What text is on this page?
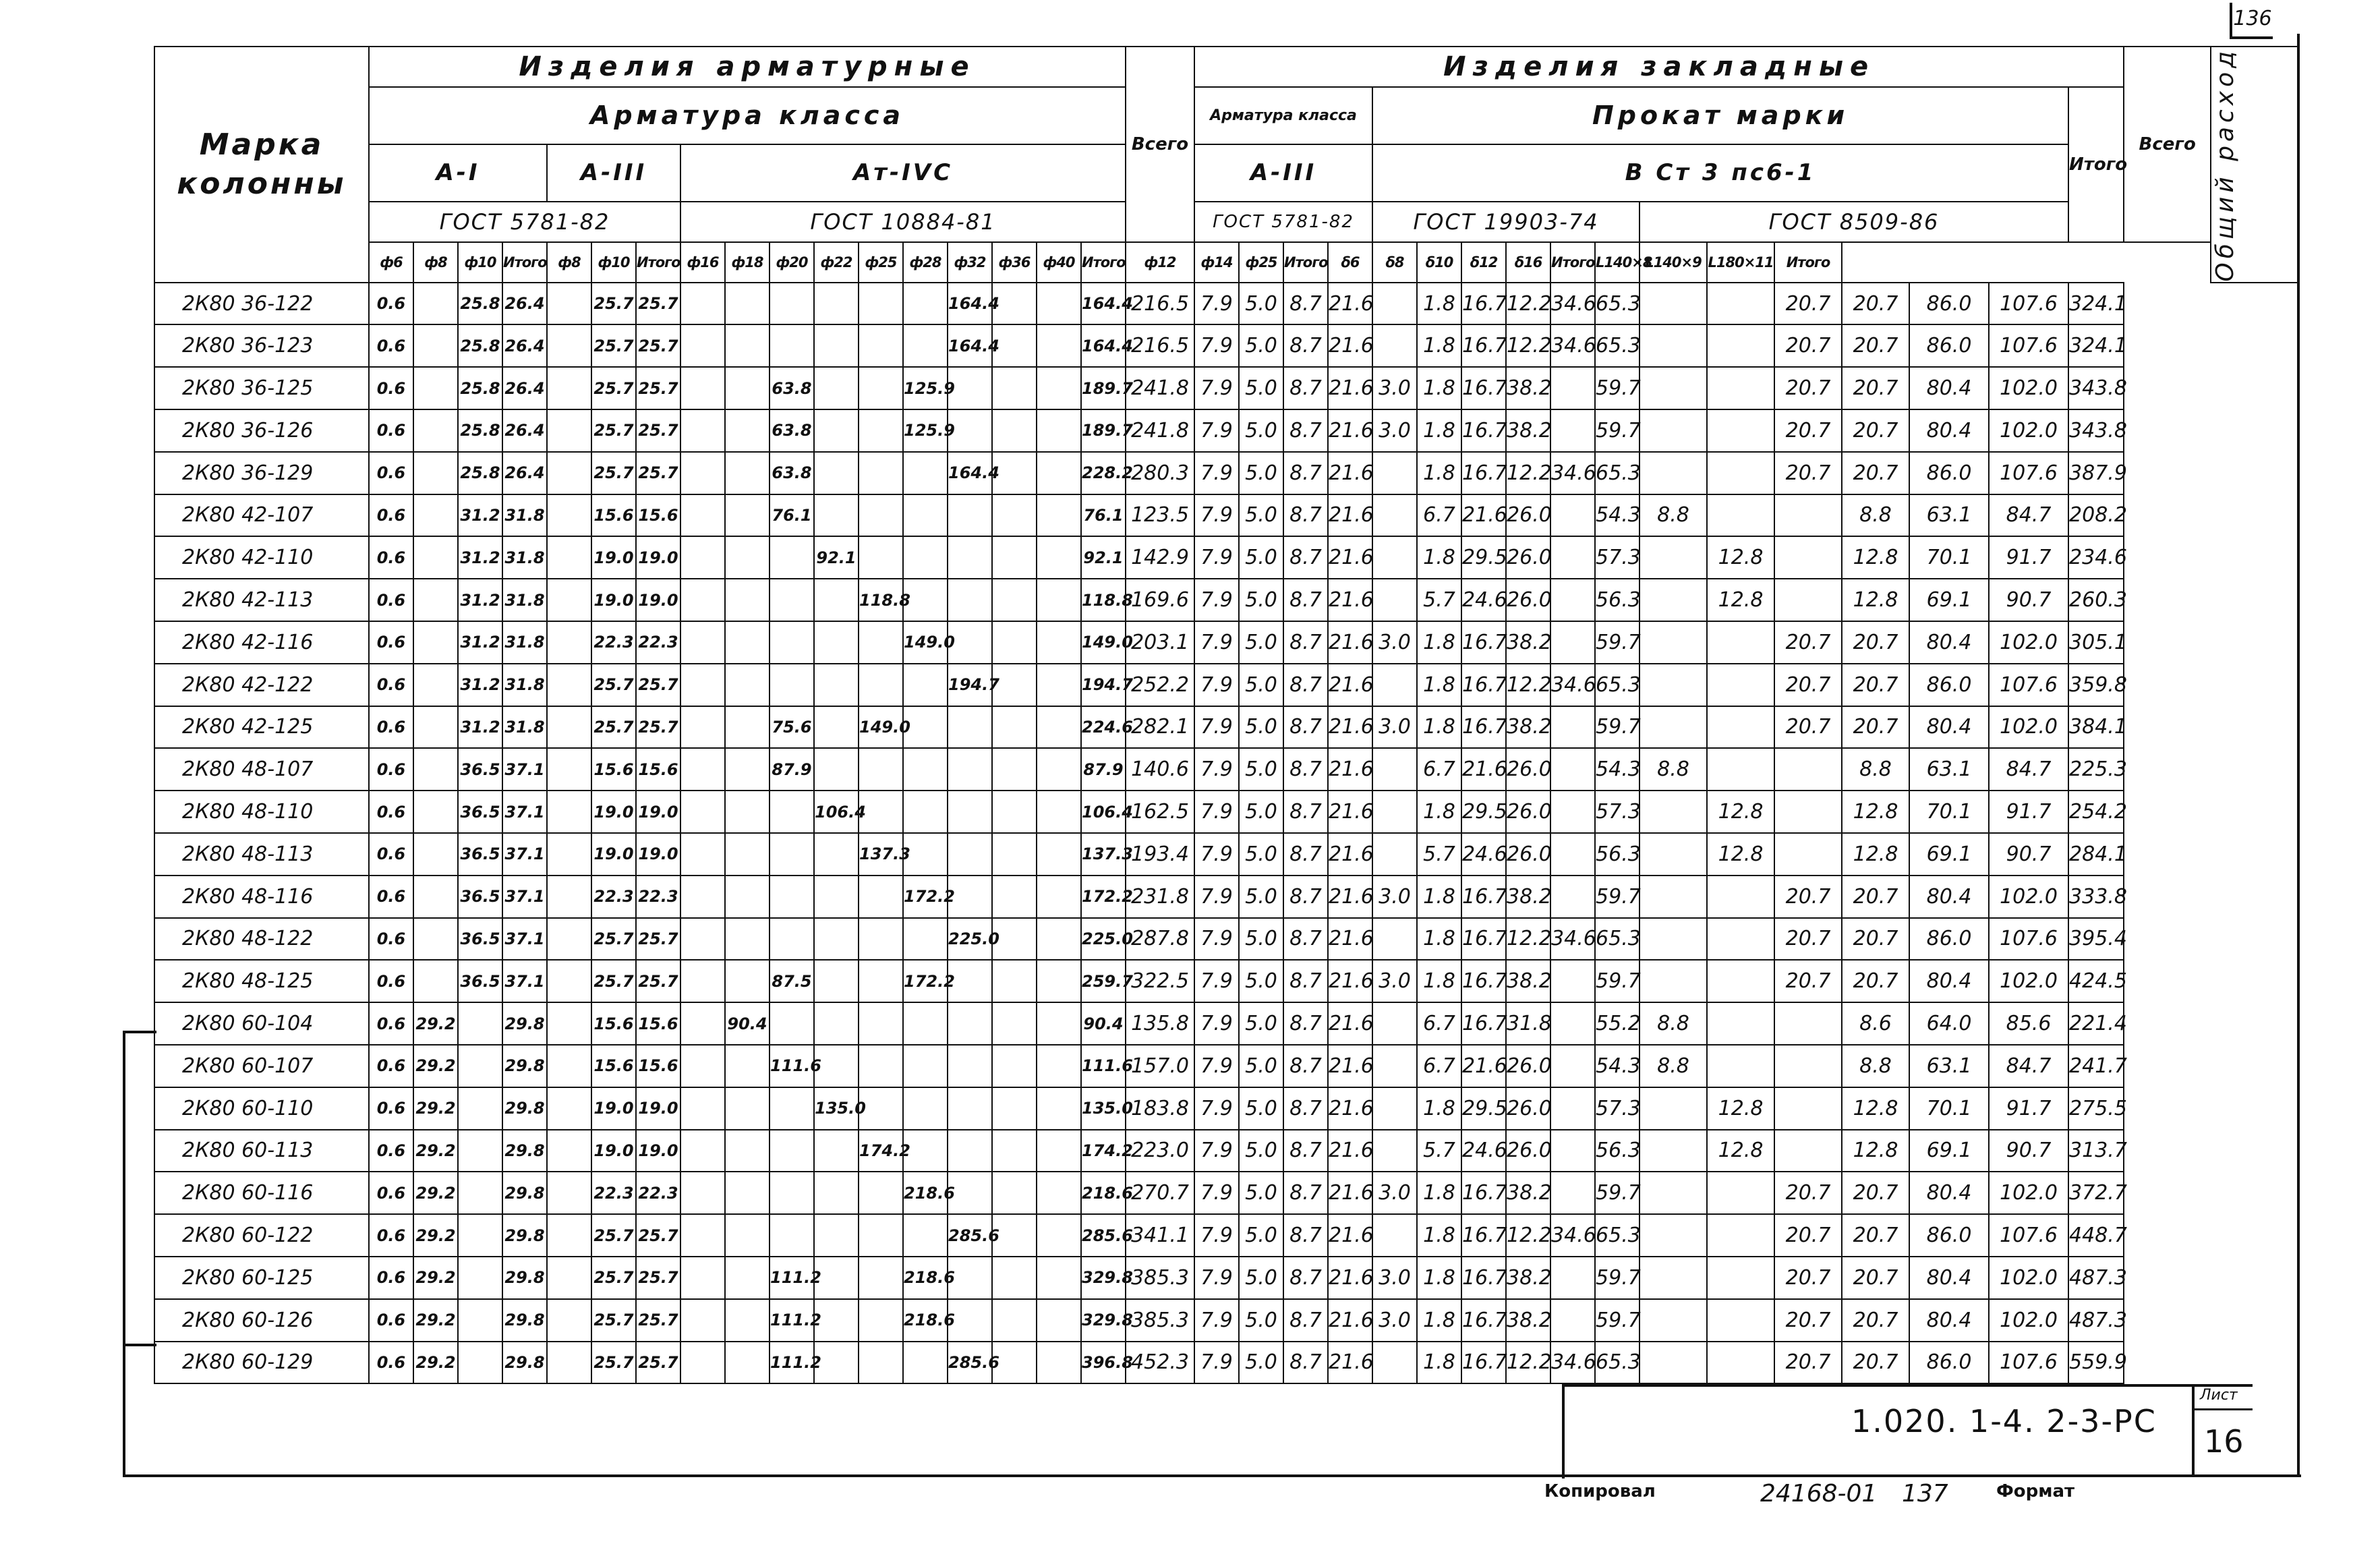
136
Марка колонны	Изделия арматурные																	Всего	Изделия закладные																	Всего	Общий расход

	Арматура класса																		Арматура класса				Прокат марки												Итого		
	А-I				А-III			Ат-IVС											А-III				В Ст 3 пс6-1														
	ГОСТ 5781-82							ГОСТ 10884-81											ГОСТ 5781-82				ГОСТ 19903-74						ГОСТ 8509-86								
	ф6	ф8	ф10	Итого	ф8	ф10	Итого	ф16	ф18	ф20	ф22	ф25	ф28	ф32	ф36	ф40	Итого	ф12	ф14	ф25	Итого	δ6	δ8	δ10	δ12	δ16	Итого	L140×8	L140×9	L180×11	Итого						
2К80 36-122	0.6		25.8	26.4		25.7	25.7							164.4			164.4		216.5	7.9	5.0	8.7	21.6		1.8	16.7	12.2	34.6	65.3			20.7	20.7	86.0	107.6	324.1		
2К80 36-123	0.6		25.8	26.4		25.7	25.7							164.4			164.4		216.5	7.9	5.0	8.7	21.6		1.8	16.7	12.2	34.6	65.3			20.7	20.7	86.0	107.6	324.1		
2К80 36-125	0.6		25.8	26.4		25.7	25.7			63.8			125.9				189.7		241.8	7.9	5.0	8.7	21.6	3.0	1.8	16.7	38.2		59.7			20.7	20.7	80.4	102.0	343.8		
2К80 36-126	0.6		25.8	26.4		25.7	25.7			63.8			125.9				189.7		241.8	7.9	5.0	8.7	21.6	3.0	1.8	16.7	38.2		59.7			20.7	20.7	80.4	102.0	343.8		
2К80 36-129	0.6		25.8	26.4		25.7	25.7			63.8				164.4			228.2		280.3	7.9	5.0	8.7	21.6		1.8	16.7	12.2	34.6	65.3			20.7	20.7	86.0	107.6	387.9		
2К80 42-107	0.6		31.2	31.8		15.6	15.6			76.1							76.1		123.5	7.9	5.0	8.7	21.6		6.7	21.6	26.0		54.3	8.8			8.8	63.1	84.7	208.2		
2К80 42-110	0.6		31.2	31.8		19.0	19.0				92.1						92.1		142.9	7.9	5.0	8.7	21.6		1.8	29.5	26.0		57.3		12.8		12.8	70.1	91.7	234.6		
2К80 42-113	0.6		31.2	31.8		19.0	19.0					118.8					118.8		169.6	7.9	5.0	8.7	21.6		5.7	24.6	26.0		56.3		12.8		12.8	69.1	90.7	260.3		
2К80 42-116	0.6		31.2	31.8		22.3	22.3						149.0				149.0		203.1	7.9	5.0	8.7	21.6	3.0	1.8	16.7	38.2		59.7			20.7	20.7	80.4	102.0	305.1		
2К80 42-122	0.6		31.2	31.8		25.7	25.7							194.7			194.7		252.2	7.9	5.0	8.7	21.6		1.8	16.7	12.2	34.6	65.3			20.7	20.7	86.0	107.6	359.8		
2К80 42-125	0.6		31.2	31.8		25.7	25.7			75.6		149.0					224.6		282.1	7.9	5.0	8.7	21.6	3.0	1.8	16.7	38.2		59.7			20.7	20.7	80.4	102.0	384.1		
2К80 48-107	0.6		36.5	37.1		15.6	15.6			87.9							87.9		140.6	7.9	5.0	8.7	21.6		6.7	21.6	26.0		54.3	8.8			8.8	63.1	84.7	225.3		
2К80 48-110	0.6		36.5	37.1		19.0	19.0				106.4						106.4		162.5	7.9	5.0	8.7	21.6		1.8	29.5	26.0		57.3		12.8		12.8	70.1	91.7	254.2		
2К80 48-113	0.6		36.5	37.1		19.0	19.0					137.3					137.3		193.4	7.9	5.0	8.7	21.6		5.7	24.6	26.0		56.3		12.8		12.8	69.1	90.7	284.1		
2К80 48-116	0.6		36.5	37.1		22.3	22.3						172.2				172.2		231.8	7.9	5.0	8.7	21.6	3.0	1.8	16.7	38.2		59.7			20.7	20.7	80.4	102.0	333.8		
2К80 48-122	0.6		36.5	37.1		25.7	25.7							225.0			225.0		287.8	7.9	5.0	8.7	21.6		1.8	16.7	12.2	34.6	65.3			20.7	20.7	86.0	107.6	395.4		
2К80 48-125	0.6		36.5	37.1		25.7	25.7			87.5			172.2				259.7		322.5	7.9	5.0	8.7	21.6	3.0	1.8	16.7	38.2		59.7			20.7	20.7	80.4	102.0	424.5		
2К80 60-104	0.6	29.2		29.8		15.6	15.6		90.4								90.4		135.8	7.9	5.0	8.7	21.6		6.7	16.7	31.8		55.2	8.8			8.6	64.0	85.6	221.4		
2К80 60-107	0.6	29.2		29.8		15.6	15.6			111.6							111.6		157.0	7.9	5.0	8.7	21.6		6.7	21.6	26.0		54.3	8.8			8.8	63.1	84.7	241.7		
2К80 60-110	0.6	29.2		29.8		19.0	19.0				135.0						135.0		183.8	7.9	5.0	8.7	21.6		1.8	29.5	26.0		57.3		12.8		12.8	70.1	91.7	275.5		
2К80 60-113	0.6	29.2		29.8		19.0	19.0					174.2					174.2		223.0	7.9	5.0	8.7	21.6		5.7	24.6	26.0		56.3		12.8		12.8	69.1	90.7	313.7		
2К80 60-116	0.6	29.2		29.8		22.3	22.3						218.6				218.6		270.7	7.9	5.0	8.7	21.6	3.0	1.8	16.7	38.2		59.7			20.7	20.7	80.4	102.0	372.7		
2К80 60-122	0.6	29.2		29.8		25.7	25.7							285.6			285.6		341.1	7.9	5.0	8.7	21.6		1.8	16.7	12.2	34.6	65.3			20.7	20.7	86.0	107.6	448.7		
2К80 60-125	0.6	29.2		29.8		25.7	25.7			111.2			218.6				329.8		385.3	7.9	5.0	8.7	21.6	3.0	1.8	16.7	38.2		59.7			20.7	20.7	80.4	102.0	487.3		
2К80 60-126	0.6	29.2		29.8		25.7	25.7			111.2			218.6				329.8		385.3	7.9	5.0	8.7	21.6	3.0	1.8	16.7	38.2		59.7			20.7	20.7	80.4	102.0	487.3		
2К80 60-129	0.6	29.2		29.8		25.7	25.7			111.2				285.6			396.8		452.3	7.9	5.0	8.7	21.6		1.8	16.7	12.2	34.6	65.3			20.7	20.7	86.0	107.6	559.9		
1.020. 1-4. 2-3-РС
Лист
16
Копировал	24168-01 137	Формат
